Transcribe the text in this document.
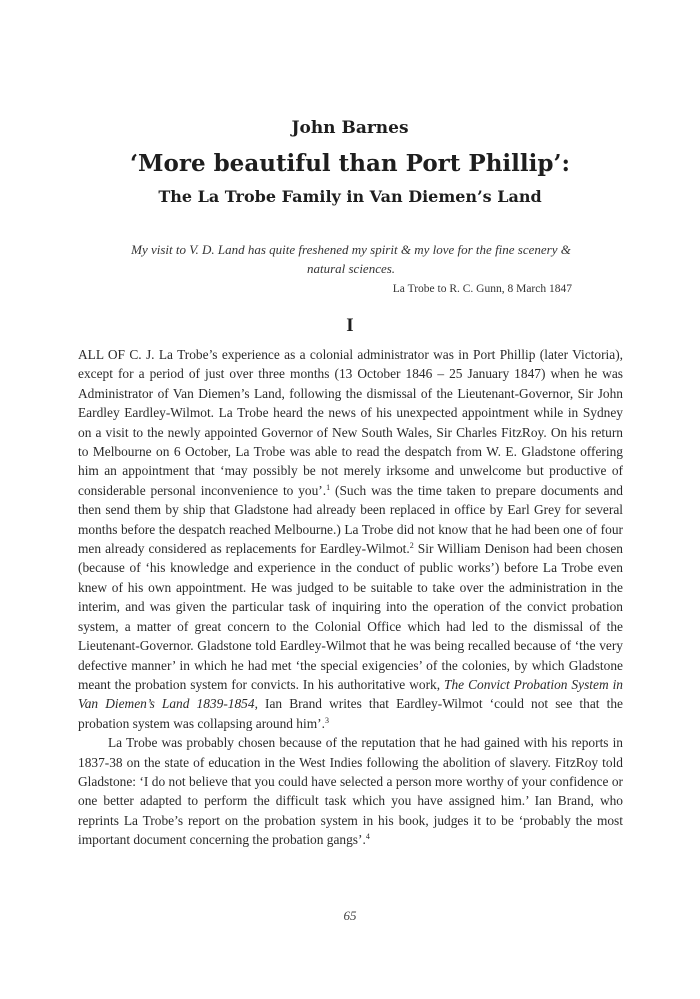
John Barnes
‘More beautiful than Port Phillip’:
The La Trobe Family in Van Diemen’s Land
My visit to V. D. Land has quite freshened my spirit & my love for the fine scenery & natural sciences.
La Trobe to R. C. Gunn, 8 March 1847
I

ALL OF C. J. La Trobe’s experience as a colonial administrator was in Port Phillip (later Victoria), except for a period of just over three months (13 October 1846 – 25 January 1847) when he was Administrator of Van Diemen’s Land, following the dismissal of the Lieutenant-Governor, Sir John Eardley Eardley-Wilmot. La Trobe heard the news of his unexpected appointment while in Sydney on a visit to the newly appointed Governor of New South Wales, Sir Charles FitzRoy. On his return to Melbourne on 6 October, La Trobe was able to read the despatch from W. E. Gladstone offering him an appointment that ‘may possibly be not merely irksome and unwelcome but productive of considerable personal inconvenience to you’.$^1$ (Such was the time taken to prepare documents and then send them by ship that Gladstone had already been replaced in office by Earl Grey for several months before the despatch reached Melbourne.) La Trobe did not know that he had been one of four men already considered as replacements for Eardley-Wilmot.$^2$ Sir William Denison had been chosen (because of ‘his knowledge and experience in the conduct of public works’) before La Trobe even knew of his own appointment. He was judged to be suitable to take over the administration in the interim, and was given the particular task of inquiring into the operation of the convict probation system, a matter of great concern to the Colonial Office which had led to the dismissal of the Lieutenant-Governor. Gladstone told Eardley-Wilmot that he was being recalled because of ‘the very defective manner’ in which he had met ‘the special exigencies’ of the colonies, by which Gladstone meant the probation system for convicts. In his authoritative work, The Convict Probation System in Van Diemen’s Land 1839-1854, Ian Brand writes that Eardley-Wilmot ‘could not see that the probation system was collapsing around him’.$^3$

La Trobe was probably chosen because of the reputation that he had gained with his reports in 1837-38 on the state of education in the West Indies following the abolition of slavery. FitzRoy told Gladstone: ‘I do not believe that you could have selected a person more worthy of your confidence or one better adapted to perform the difficult task which you have assigned him.’ Ian Brand, who reprints La Trobe’s report on the probation system in his book, judges it to be ‘probably the most important document concerning the probation gangs’.$^4$

65
